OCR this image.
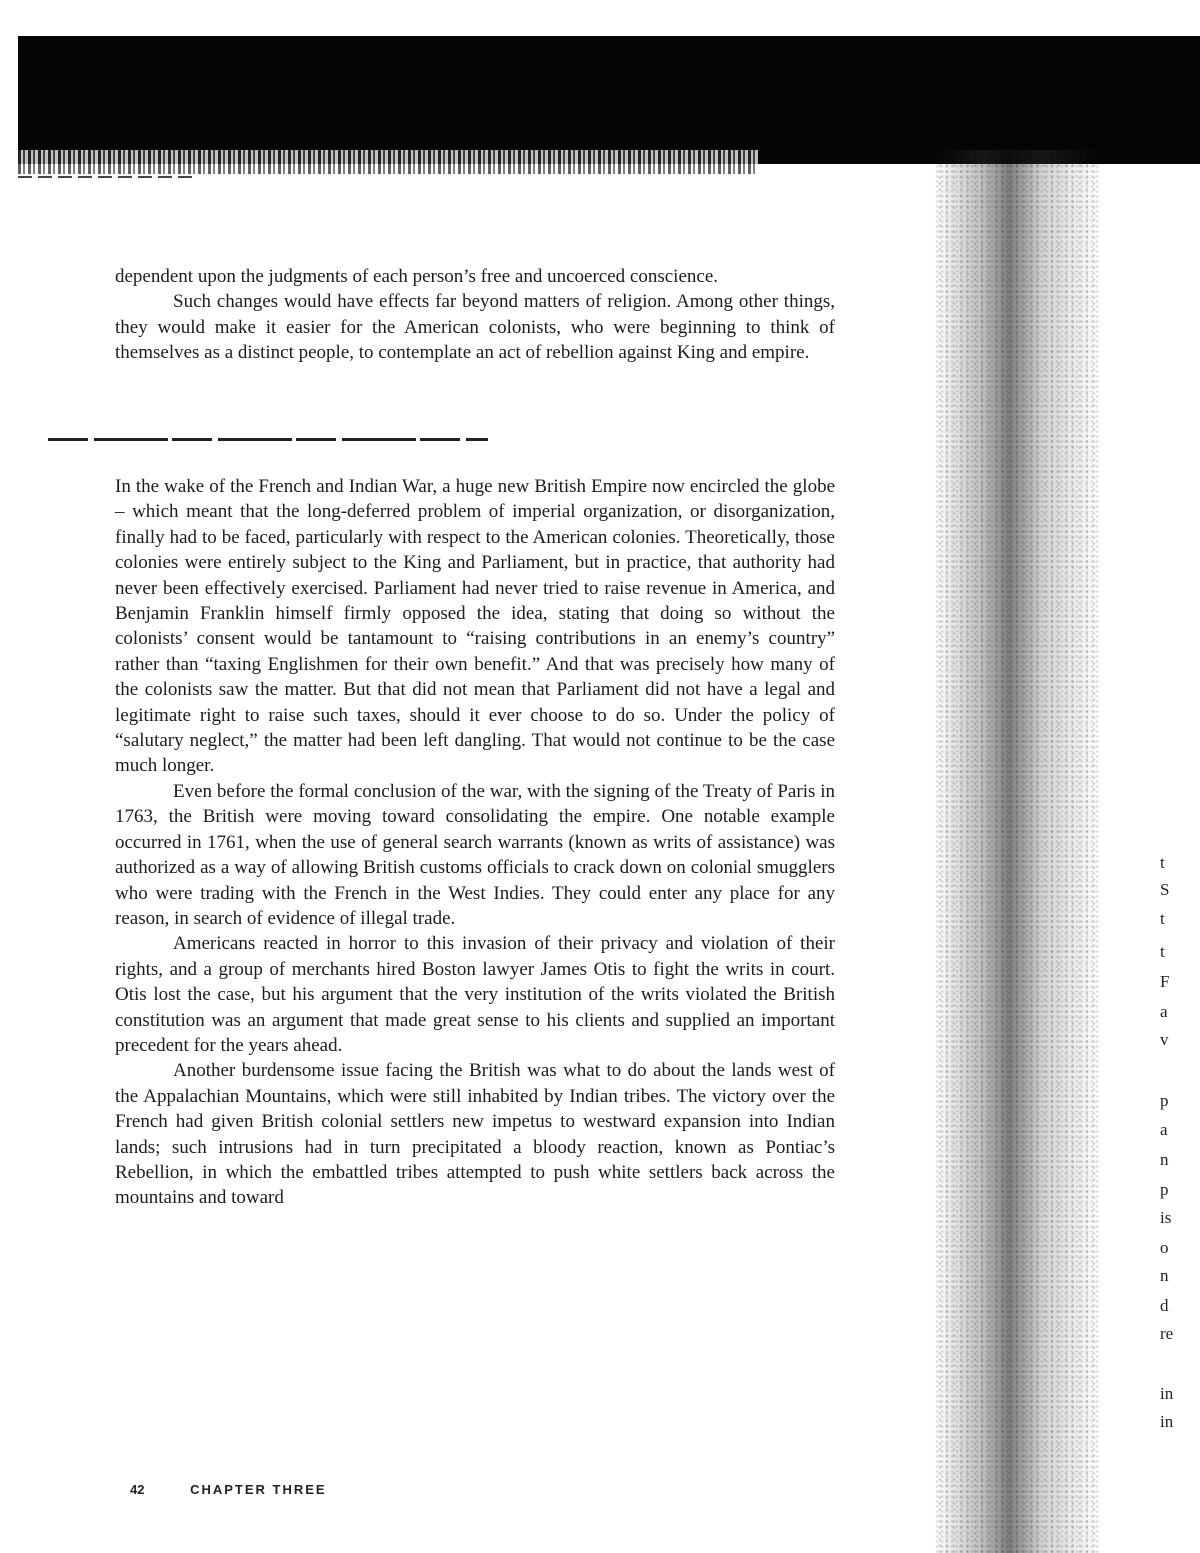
dependent upon the judgments of each person’s free and uncoerced conscience.

Such changes would have effects far beyond matters of religion. Among other things, they would make it easier for the American colonists, who were beginning to think of themselves as a distinct people, to contemplate an act of rebellion against King and empire.

In the wake of the French and Indian War, a huge new British Empire now encircled the globe – which meant that the long-deferred problem of imperial organization, or disorganization, finally had to be faced, particularly with respect to the American colonies. Theoretically, those colonies were entirely subject to the King and Parliament, but in practice, that authority had never been effectively exercised. Parliament had never tried to raise revenue in America, and Benjamin Franklin himself firmly opposed the idea, stating that doing so without the colonists’ consent would be tantamount to “raising contributions in an enemy’s country” rather than “taxing Englishmen for their own benefit.” And that was precisely how many of the colonists saw the matter. But that did not mean that Parliament did not have a legal and legitimate right to raise such taxes, should it ever choose to do so. Under the policy of “salutary neglect,” the matter had been left dangling. That would not continue to be the case much longer.

Even before the formal conclusion of the war, with the signing of the Treaty of Paris in 1763, the British were moving toward consolidating the empire. One notable example occurred in 1761, when the use of general search warrants (known as writs of assistance) was authorized as a way of allowing British customs officials to crack down on colonial smugglers who were trading with the French in the West Indies. They could enter any place for any reason, in search of evidence of illegal trade.

Americans reacted in horror to this invasion of their privacy and violation of their rights, and a group of merchants hired Boston lawyer James Otis to fight the writs in court. Otis lost the case, but his argument that the very institution of the writs violated the British constitution was an argument that made great sense to his clients and supplied an important precedent for the years ahead.

Another burdensome issue facing the British was what to do about the lands west of the Appalachian Mountains, which were still inhabited by Indian tribes. The victory over the French had given British colonial settlers new impetus to westward expansion into Indian lands; such intrusions had in turn precipitated a bloody reaction, known as Pontiac’s Rebellion, in which the embattled tribes attempted to push white settlers back across the mountains and toward

42	CHAPTER THREE
t
S
t
t
F
a
v
p
a
n
p
is
o
n
d
re
in
in
